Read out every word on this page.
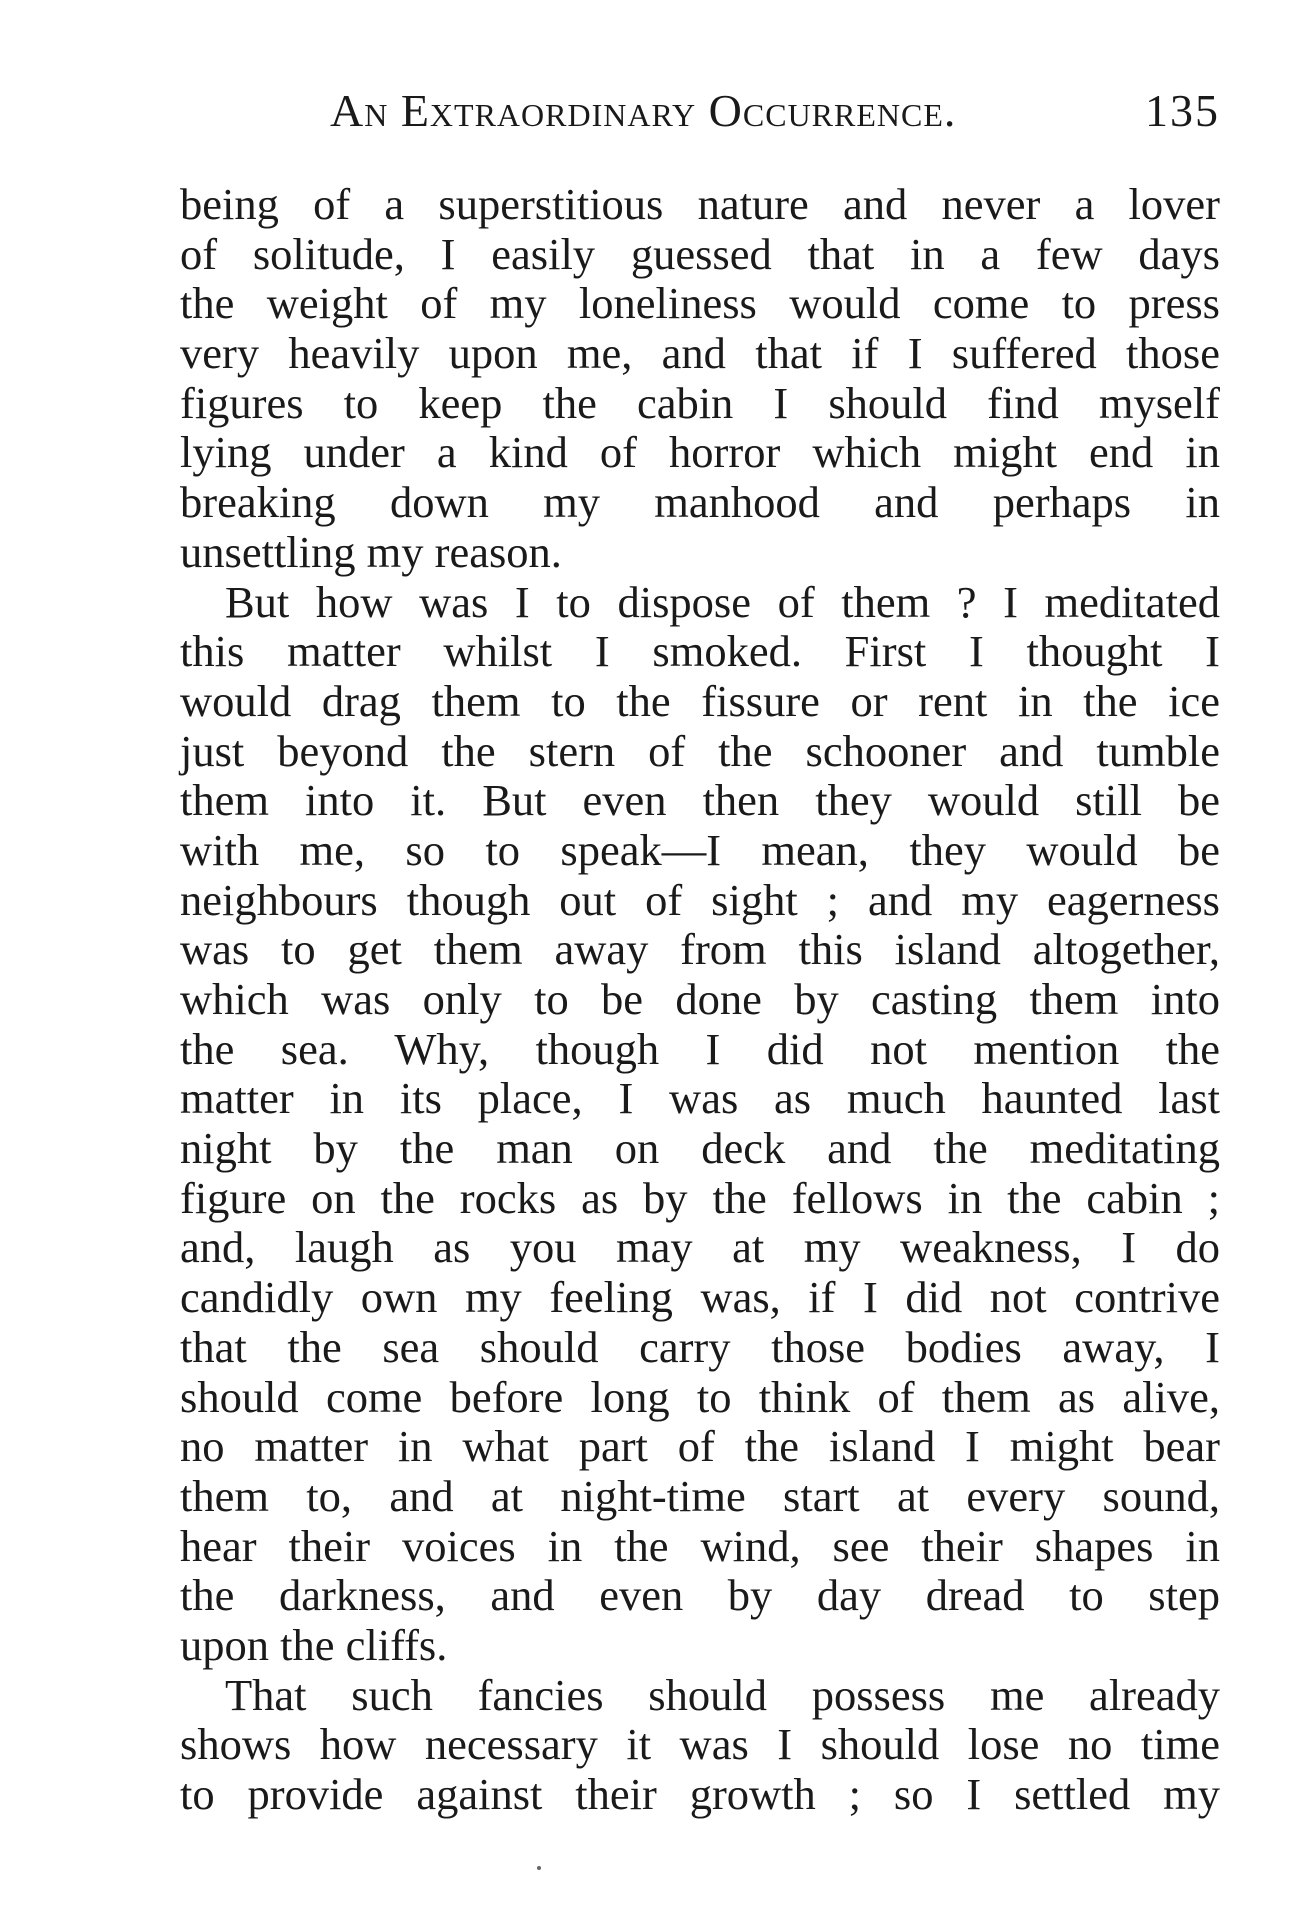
An Extraordinary Occurrence.	135
being of a superstitious nature and never a lover
of solitude, I easily guessed that in a few days
the weight of my loneliness would come to press
very heavily upon me, and that if I suffered those
figures to keep the cabin I should find myself
lying under a kind of horror which might end in
breaking down my manhood and perhaps in
unsettling my reason.
But how was I to dispose of them ? I meditated
this matter whilst I smoked. First I thought I
would drag them to the fissure or rent in the ice
just beyond the stern of the schooner and tumble
them into it. But even then they would still be
with me, so to speak—I mean, they would be
neighbours though out of sight ; and my eagerness
was to get them away from this island altogether,
which was only to be done by casting them into
the sea. Why, though I did not mention the
matter in its place, I was as much haunted last
night by the man on deck and the meditating
figure on the rocks as by the fellows in the cabin ;
and, laugh as you may at my weakness, I do
candidly own my feeling was, if I did not contrive
that the sea should carry those bodies away, I
should come before long to think of them as alive,
no matter in what part of the island I might bear
them to, and at night-time start at every sound,
hear their voices in the wind, see their shapes in
the darkness, and even by day dread to step
upon the cliffs.
That such fancies should possess me already
shows how necessary it was I should lose no time
to provide against their growth ; so I settled my
